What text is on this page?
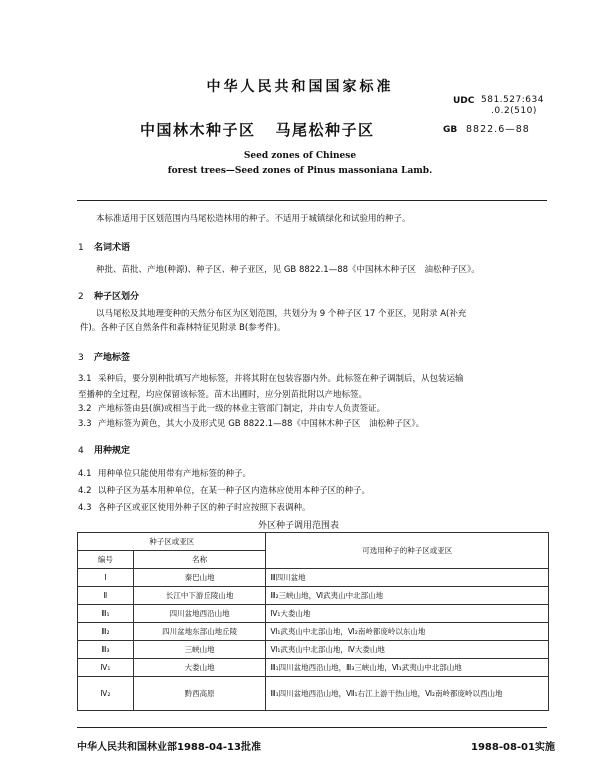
中华人民共和国国家标准
UDC 581.527:634
.0.2(510)
中国林木种子区 马尾松种子区	GB 8822.6—88
Seed zones of Chinese
forest trees—Seed zones of Pinus massoniana Lamb.
本标准适用于区划范围内马尾松造林用的种子。不适用于城镇绿化和试验用的种子。
1 名词术语
种批、苗批、产地(种源)、种子区、种子亚区，见 GB 8822.1—88《中国林木种子区　油松种子区》。
2 种子区划分
以马尾松及其地理变种的天然分布区为区划范围，共划分为 9 个种子区 17 个亚区，见附录 A(补充
件)。各种子区自然条件和森林特征见附录 B(参考件)。
3 产地标签
3.1 采种后，要分别种批填写产地标签，并将其附在包装容器内外。此标签在种子调制后，从包装运输
至播种的全过程，均应保留该标签。苗木出圃时，应分别苗批附以产地标签。
3.2 产地标签由县(旗)或相当于此一级的林业主管部门制定，并由专人负责签证。
3.3 产地标签为黄色，其大小及形式见 GB 8822.1—88《中国林木种子区　油松种子区》。
4 用种规定
4.1 用种单位只能使用带有产地标签的种子。
4.2 以种子区为基本用种单位，在某一种子区内造林应使用本种子区的种子。
4.3 各种子区或亚区使用外种子区的种子时应按照下表调种。
外区种子调用范围表
种子区或亚区		可选用种子的种子区或亚区
编号	名称	
Ⅰ	秦巴山地	Ⅲ四川盆地
Ⅱ	长江中下游丘陵山地	Ⅲ₂三峡山地，Ⅵ武夷山中北部山地
Ⅲ₁	四川盆地西沿山地	Ⅳ₁大娄山地
Ⅲ₂	四川盆地东部山地丘陵	Ⅵ₁武夷山中北部山地，Ⅵ₂南岭都庞岭以东山地
Ⅲ₃	三峡山地	Ⅵ₁武夷山中北部山地，Ⅳ大娄山地
Ⅳ₁	大娄山地	Ⅲ₁四川盆地西沿山地，Ⅲ₃三峡山地，Ⅵ₁武夷山中北部山地
Ⅳ₂	黔西高原	Ⅲ₁四川盆地西沿山地，Ⅶ₁右江上游干热山地，Ⅵ₂南岭都庞岭以西山地
中华人民共和国林业部1988-04-13批准	1988-08-01实施
